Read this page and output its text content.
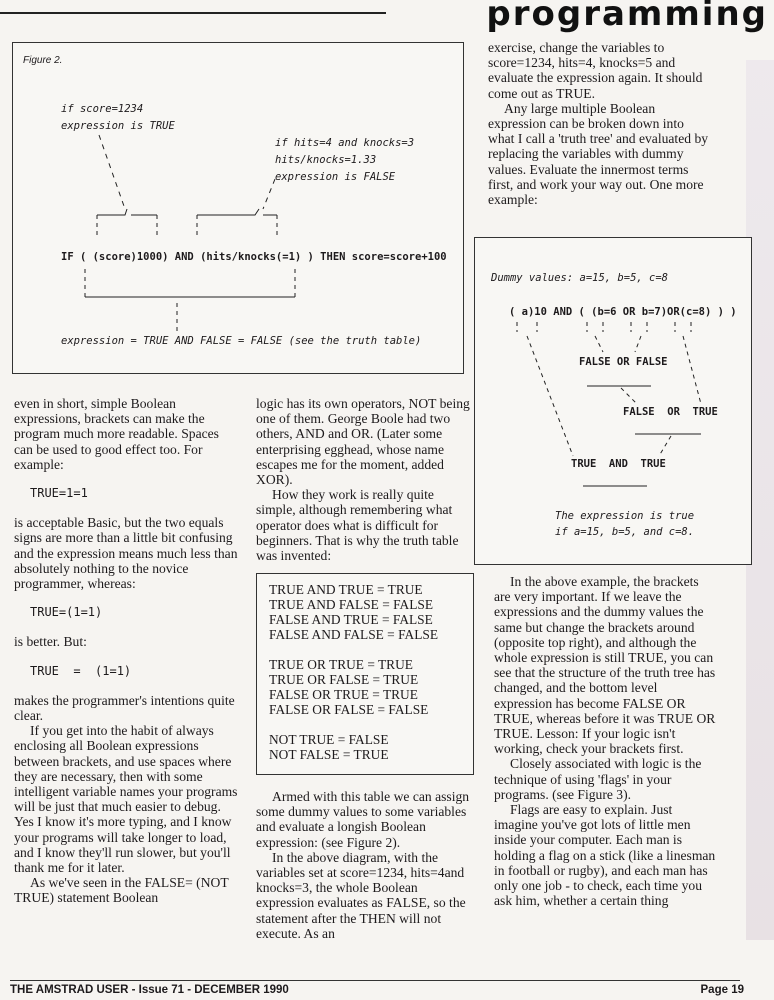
programming
Figure 2.
if score=1234
expression is TRUE
if hits=4 and knocks=3
hits/knocks=1.33
expression is FALSE
IF ( (score)1000) AND (hits/knocks(=1) ) THEN score=score+100
expression = TRUE AND FALSE = FALSE (see the truth table)
Dummy values: a=15, b=5, c=8
( a)10 AND ( (b=6 OR b=7)OR(c=8) ) )
FALSE OR FALSE
FALSE  OR  TRUE
TRUE  AND  TRUE
The expression is true
if a=15, b=5, and c=8.

even in short, simple Boolean expressions, brackets can make the program much more readable. Spaces can be used to good effect too. For example:

TRUE=1=1

is acceptable Basic, but the two equals signs are more than a little bit confusing and the expression means much less than absolutely nothing to the novice programmer, whereas:

TRUE=(1=1)

is better. But:

TRUE  =  (1=1)

makes the programmer's intentions quite clear.

If you get into the habit of always enclosing all Boolean expressions between brackets, and use spaces where they are necessary, then with some intelligent variable names your programs will be just that much easier to debug. Yes I know it's more typing, and I know your programs will take longer to load, and I know they'll run slower, but you'll thank me for it later.

As we've seen in the FALSE= (NOT TRUE) statement Boolean

logic has its own operators, NOT being one of them. George Boole had two others, AND and OR. (Later some enterprising egghead, whose name escapes me for the moment, added XOR).

How they work is really quite simple, although remembering what operator does what is difficult for beginners. That is why the truth table was invented:

TRUE AND TRUE = TRUE
TRUE AND FALSE = FALSE
FALSE AND TRUE = FALSE
FALSE AND FALSE = FALSE
TRUE OR TRUE = TRUE
TRUE OR FALSE = TRUE
FALSE OR TRUE = TRUE
FALSE OR FALSE = FALSE
NOT TRUE = FALSE
NOT FALSE = TRUE

Armed with this table we can assign some dummy values to some variables and evaluate a longish Boolean expression: (see Figure 2).

In the above diagram, with the variables set at score=1234, hits=4and knocks=3, the whole Boolean expression evaluates as FALSE, so the statement after the THEN will not execute. As an

exercise, change the variables to score=1234, hits=4, knocks=5 and evaluate the expression again. It should come out as TRUE.

Any large multiple Boolean expression can be broken down into what I call a 'truth tree' and evaluated by replacing the variables with dummy values. Evaluate the innermost terms first, and work your way out. One more example:

In the above example, the brackets are very important. If we leave the expressions and the dummy values the same but change the brackets around (opposite top right), and although the whole expression is still TRUE, you can see that the structure of the truth tree has changed, and the bottom level expression has become FALSE OR TRUE, whereas before it was TRUE OR TRUE. Lesson: If your logic isn't working, check your brackets first.

Closely associated with logic is the technique of using 'flags' in your programs. (see Figure 3).

Flags are easy to explain. Just imagine you've got lots of little men inside your computer. Each man is holding a flag on a stick (like a linesman in football or rugby), and each man has only one job - to check, each time you ask him, whether a certain thing

THE AMSTRAD USER - Issue 71 - DECEMBER 1990	Page 19
